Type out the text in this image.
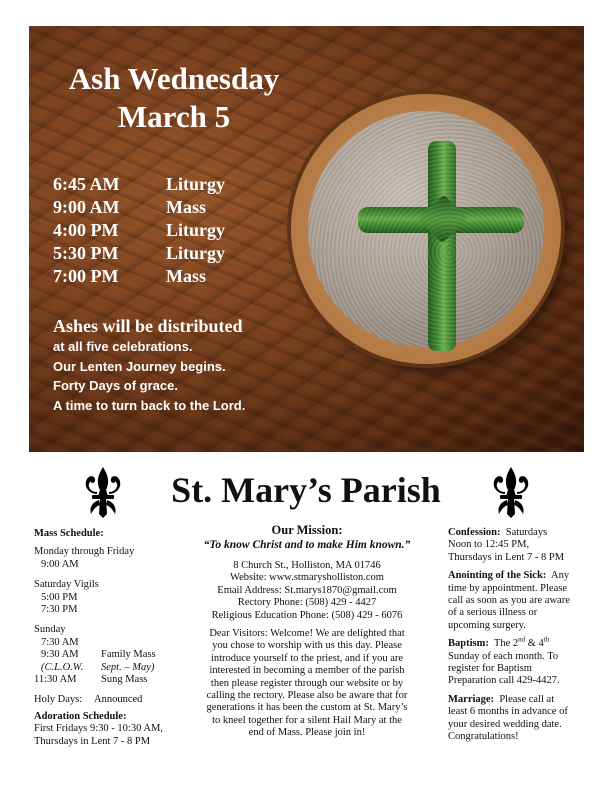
Ash Wednesday
March 5
6:45 AM	Liturgy
9:00 AM	Mass
4:00 PM	Liturgy
5:30 PM	Liturgy
7:00 PM	Mass
Ashes will be distributed
at all five celebrations.
Our Lenten Journey begins.
Forty Days of grace.
A time to turn back to the Lord.
St. Mary’s Parish
Mass Schedule:
Monday through Friday
9:00 AM
Saturday Vigils
5:00 PM
7:30 PM
Sunday
7:30 AM
9:30 AM	Family Mass
(C.L.O.W.	Sept. – May)
11:30 AM	Sung Mass
Holy Days:	Announced
Adoration Schedule:
First Fridays 9:30 - 10:30 AM,
Thursdays in Lent 7 - 8 PM
Our Mission:
“To know Christ and to make Him known.”
8 Church St., Holliston, MA 01746
Website: www.stmarysholliston.com
Email Address: St.marys1870@gmail.com
Rectory Phone: (508) 429 - 4427
Religious Education Phone: (508) 429 - 6076
Dear Visitors: Welcome! We are delighted that
you chose to worship with us this day. Please
introduce yourself to the priest, and if you are
interested in becoming a member of the parish
then please register through our website or by
calling the rectory. Please also be aware that for
generations it has been the custom at St. Mary’s
to kneel together for a silent Hail Mary at the
end of Mass. Please join in!
Confession: Saturdays
Noon to 12:45 PM,
Thursdays in Lent 7 - 8 PM
Anointing of the Sick: Any
time by appointment. Please
call as soon as you are aware
of a serious illness or
upcoming surgery.
Baptism: The 2nd & 4th
Sunday of each month. To
register for Baptism
Preparation call 429-4427.
Marriage: Please call at
least 6 months in advance of
your desired wedding date.
Congratulations!
